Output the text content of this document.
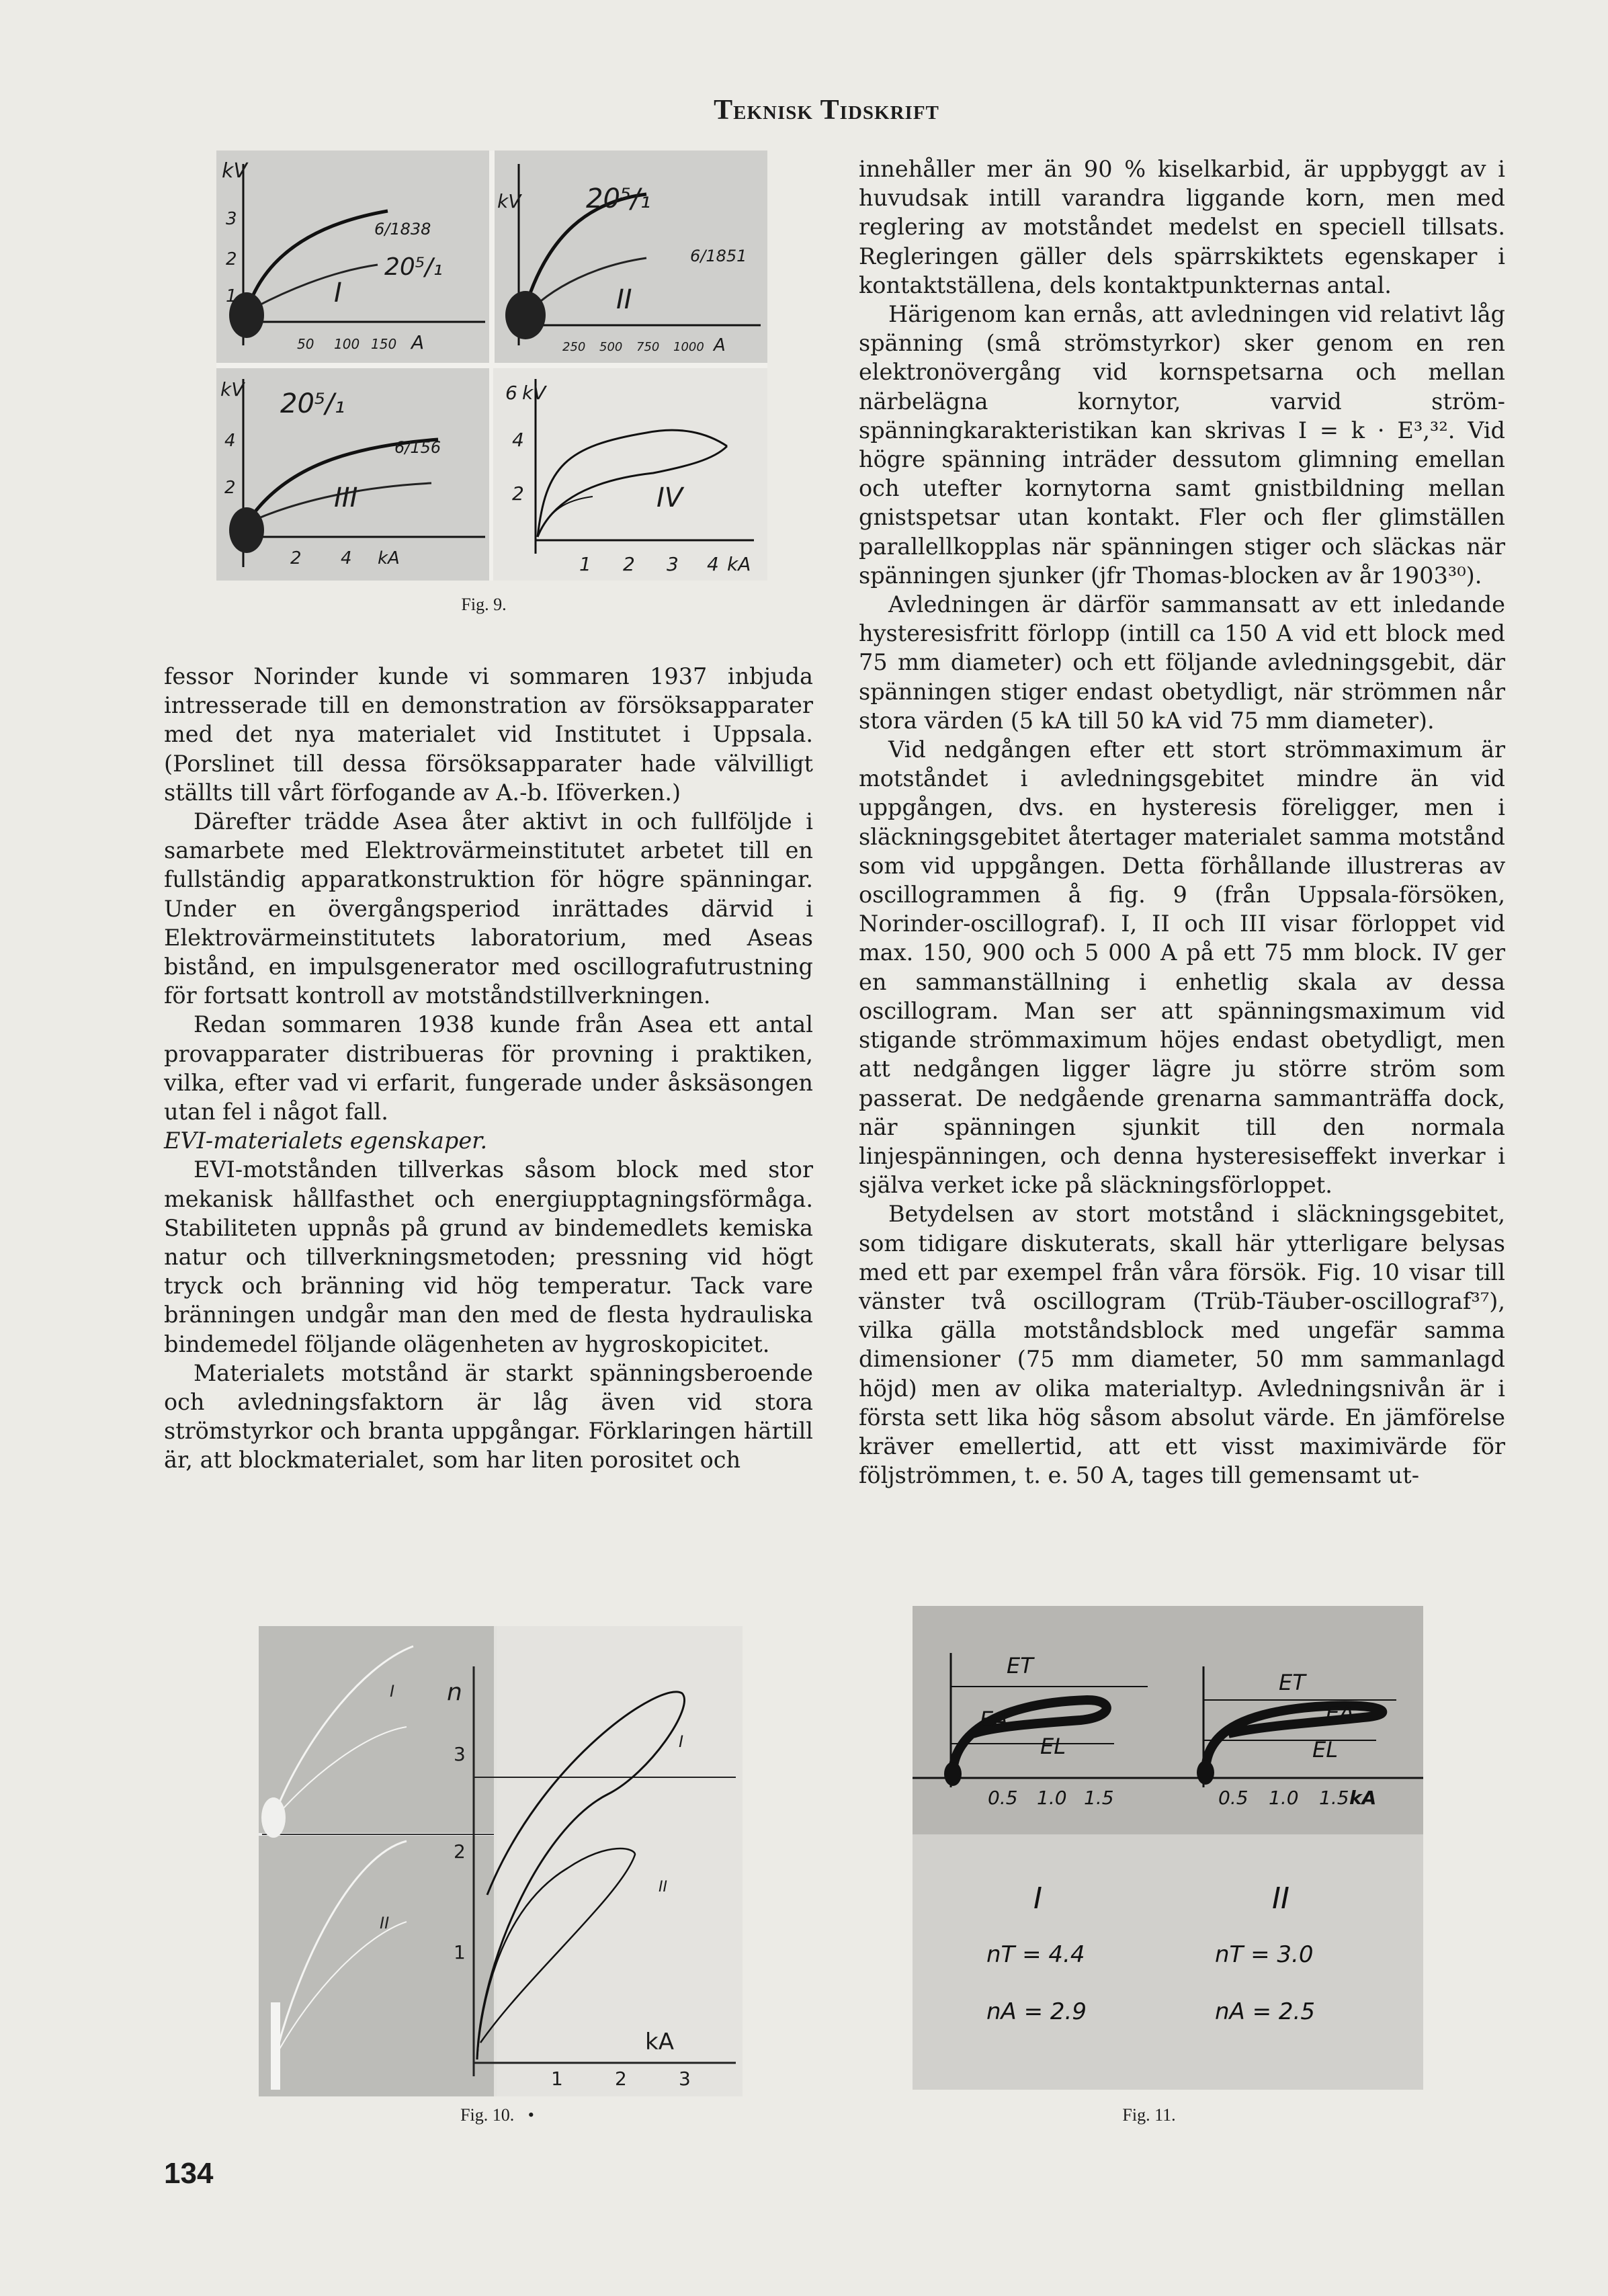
Teknisk Tidskrift
kV
3
2
1
6/1838
20⁵/₁
I
50 100 150 A
kV 20⁵/₁
6/1851
II
250 500 750 1000 A
kV
4
2
20⁵/₁
6/156
III
2 4 kA
6 kV
4
2	IV
1 2 3 4 kA
Fig. 9.

fessor Norinder kunde vi sommaren 1937 inbjuda intresserade till en demonstration av försöksapparater med det nya materialet vid Institutet i Uppsala. (Porslinet till dessa försöksapparater hade välvilligt ställts till vårt förfogande av A.-b. Iföverken.)

Därefter trädde Asea åter aktivt in och fullföljde i samarbete med Elektrovärmeinstitutet arbetet till en fullständig apparatkonstruktion för högre spänningar. Under en övergångsperiod inrättades därvid i Elektrovärmeinstitutets laboratorium, med Aseas bistånd, en impulsgenerator med oscillografutrustning för fortsatt kontroll av motståndstillverkningen.

Redan sommaren 1938 kunde från Asea ett antal provapparater distribueras för provning i praktiken, vilka, efter vad vi erfarit, fungerade under åsksäsongen utan fel i något fall.

EVI-materialets egenskaper.

EVI-motstånden tillverkas såsom block med stor mekanisk hållfasthet och energiupptagningsförmåga. Stabiliteten uppnås på grund av bindemedlets kemiska natur och tillverkningsmetoden; pressning vid högt tryck och bränning vid hög temperatur. Tack vare bränningen undgår man den med de flesta hydrauliska bindemedel följande olägenheten av hygroskopicitet.

Materialets motstånd är starkt spänningsberoende och avledningsfaktorn är låg även vid stora strömstyrkor och branta uppgångar. Förklaringen härtill är, att blockmaterialet, som har liten porositet och

innehåller mer än 90 % kiselkarbid, är uppbyggt av i huvudsak intill varandra liggande korn, men med reglering av motståndet medelst en speciell tillsats. Regleringen gäller dels spärrskiktets egenskaper i kontaktställena, dels kontaktpunkternas antal.

Härigenom kan ernås, att avledningen vid relativt låg spänning (små strömstyrkor) sker genom en ren elektronövergång vid kornspetsarna och mellan närbelägna kornytor, varvid ström-spänningkarakteristikan kan skrivas I = k · E³,³². Vid högre spänning inträder dessutom glimning emellan och utefter kornytorna samt gnistbildning mellan gnistspetsar utan kontakt. Fler och fler glimställen parallellkopplas när spänningen stiger och släckas när spänningen sjunker (jfr Thomas-blocken av år 1903³⁰).

Avledningen är därför sammansatt av ett inledande hysteresisfritt förlopp (intill ca 150 A vid ett block med 75 mm diameter) och ett följande avledningsgebit, där spänningen stiger endast obetydligt, när strömmen når stora värden (5 kA till 50 kA vid 75 mm diameter).

Vid nedgången efter ett stort strömmaximum är motståndet i avledningsgebitet mindre än vid uppgången, dvs. en hysteresis föreligger, men i släckningsgebitet återtager materialet samma motstånd som vid uppgången. Detta förhållande illustreras av oscillogrammen å fig. 9 (från Uppsala-försöken, Norinder-oscillograf). I, II och III visar förloppet vid max. 150, 900 och 5 000 A på ett 75 mm block. IV ger en sammanställning i enhetlig skala av dessa oscillogram. Man ser att spänningsmaximum vid stigande strömmaximum höjes endast obetydligt, men att nedgången ligger lägre ju större ström som passerat. De nedgående grenarna sammanträffa dock, när spänningen sjunkit till den normala linjespänningen, och denna hysteresiseffekt inverkar i själva verket icke på släckningsförloppet.

Betydelsen av stort motstånd i släckningsgebitet, som tidigare diskuterats, skall här ytterligare belysas med ett par exempel från våra försök. Fig. 10 visar till vänster två oscillogram (Trüb-Täuber-oscillograf³⁷), vilka gälla motståndsblock med ungefär samma dimensioner (75 mm diameter, 50 mm sammanlagd höjd) men av olika materialtyp. Avledningsnivån är i första sett lika hög såsom absolut värde. En jämförelse kräver emellertid, att ett visst maximivärde för följströmmen, t. e. 50 A, tages till gemensamt ut-

I
II
n
3
2
1
1	2	3
kA
I
II
Fig. 10. •
ET
EA
EL
0.5 1.0 1.5
I
nT = 4.4
nA = 2.9
ET
EA
EL
0.5 1.0 1.5 kA
II
nT = 3.0
nA = 2.5
Fig. 11.
134
